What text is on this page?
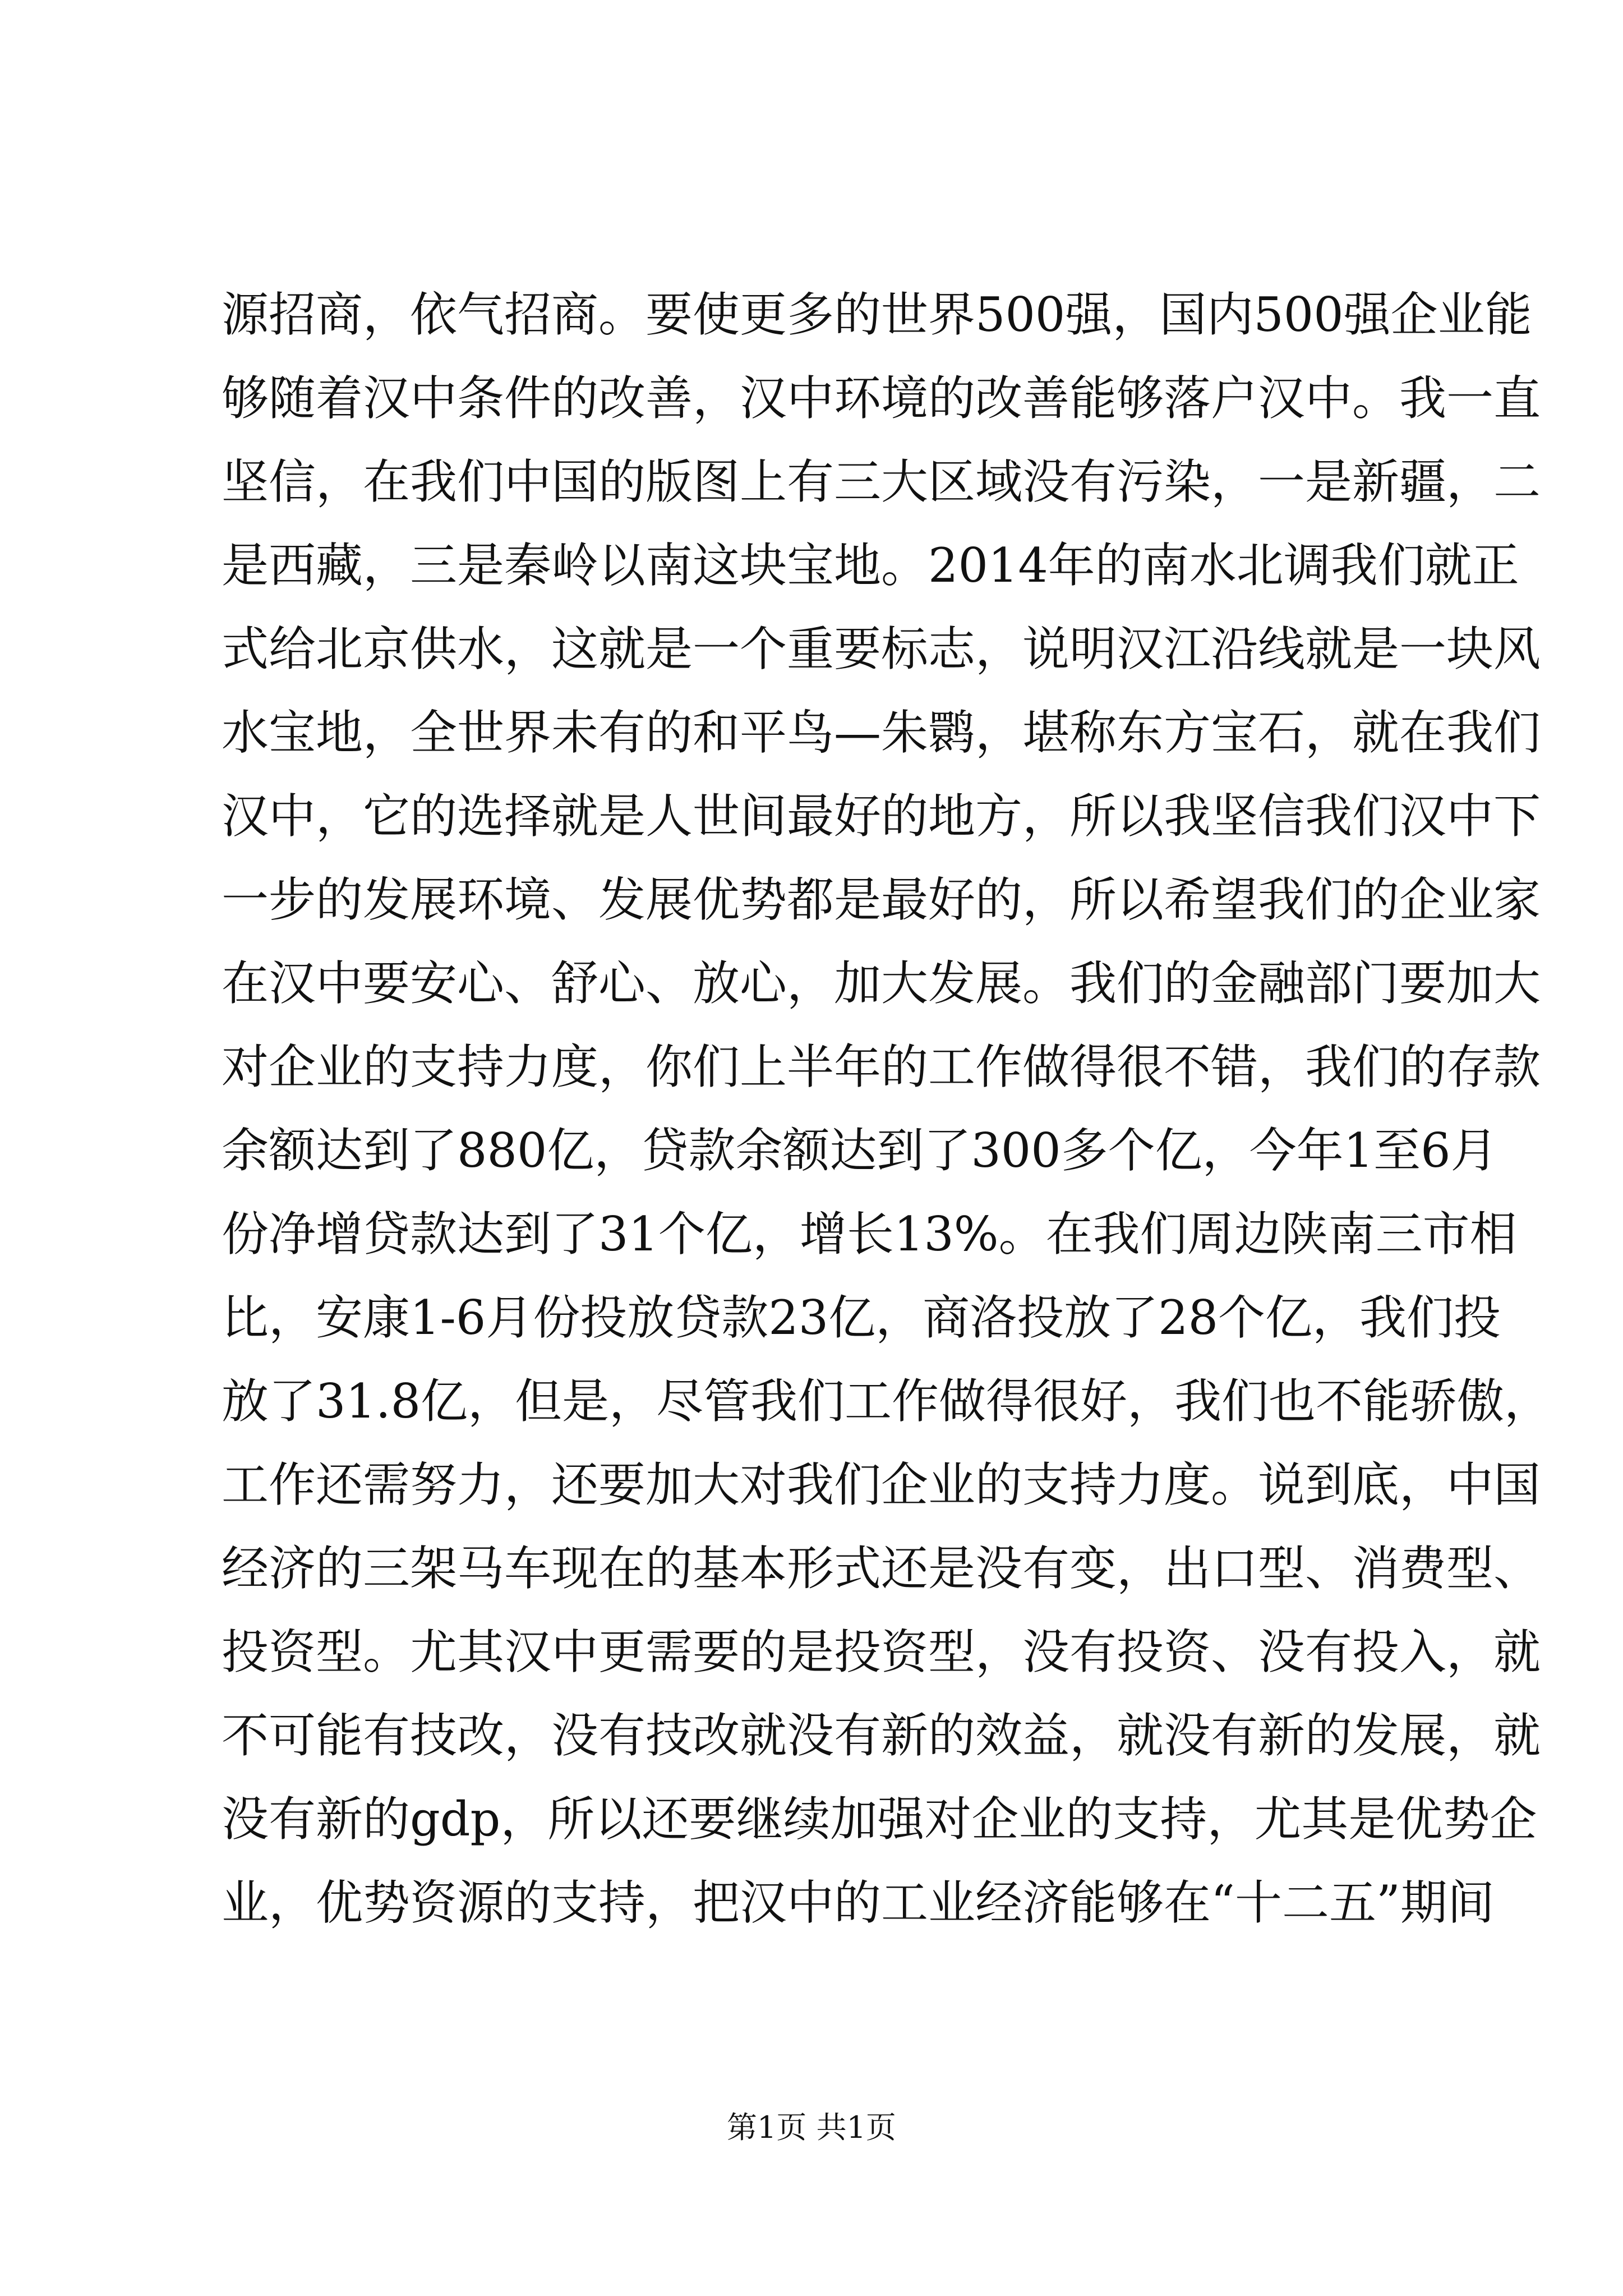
源招商，依气招商。要使更多的世界500强，国内500强企业能
够随着汉中条件的改善，汉中环境的改善能够落户汉中。我一直
坚信，在我们中国的版图上有三大区域没有污染，一是新疆，二
是西藏，三是秦岭以南这块宝地。2014年的南水北调我们就正
式给北京供水，这就是一个重要标志，说明汉江沿线就是一块风
水宝地，全世界未有的和平鸟—朱鹮，堪称东方宝石，就在我们
汉中，它的选择就是人世间最好的地方，所以我坚信我们汉中下
一步的发展环境、发展优势都是最好的，所以希望我们的企业家
在汉中要安心、舒心、放心，加大发展。我们的金融部门要加大
对企业的支持力度，你们上半年的工作做得很不错，我们的存款
余额达到了880亿，贷款余额达到了300多个亿，今年1至6月
份净增贷款达到了31个亿，增长13%。在我们周边陕南三市相
比，安康1-6月份投放贷款23亿，商洛投放了28个亿，我们投
放了31.8亿，但是，尽管我们工作做得很好，我们也不能骄傲，
工作还需努力，还要加大对我们企业的支持力度。说到底，中国
经济的三架马车现在的基本形式还是没有变，出口型、消费型、
投资型。尤其汉中更需要的是投资型，没有投资、没有投入，就
不可能有技改，没有技改就没有新的效益，就没有新的发展，就
没有新的gdp，所以还要继续加强对企业的支持，尤其是优势企
业，优势资源的支持，把汉中的工业经济能够在“十二五”期间
第1页 共1页
